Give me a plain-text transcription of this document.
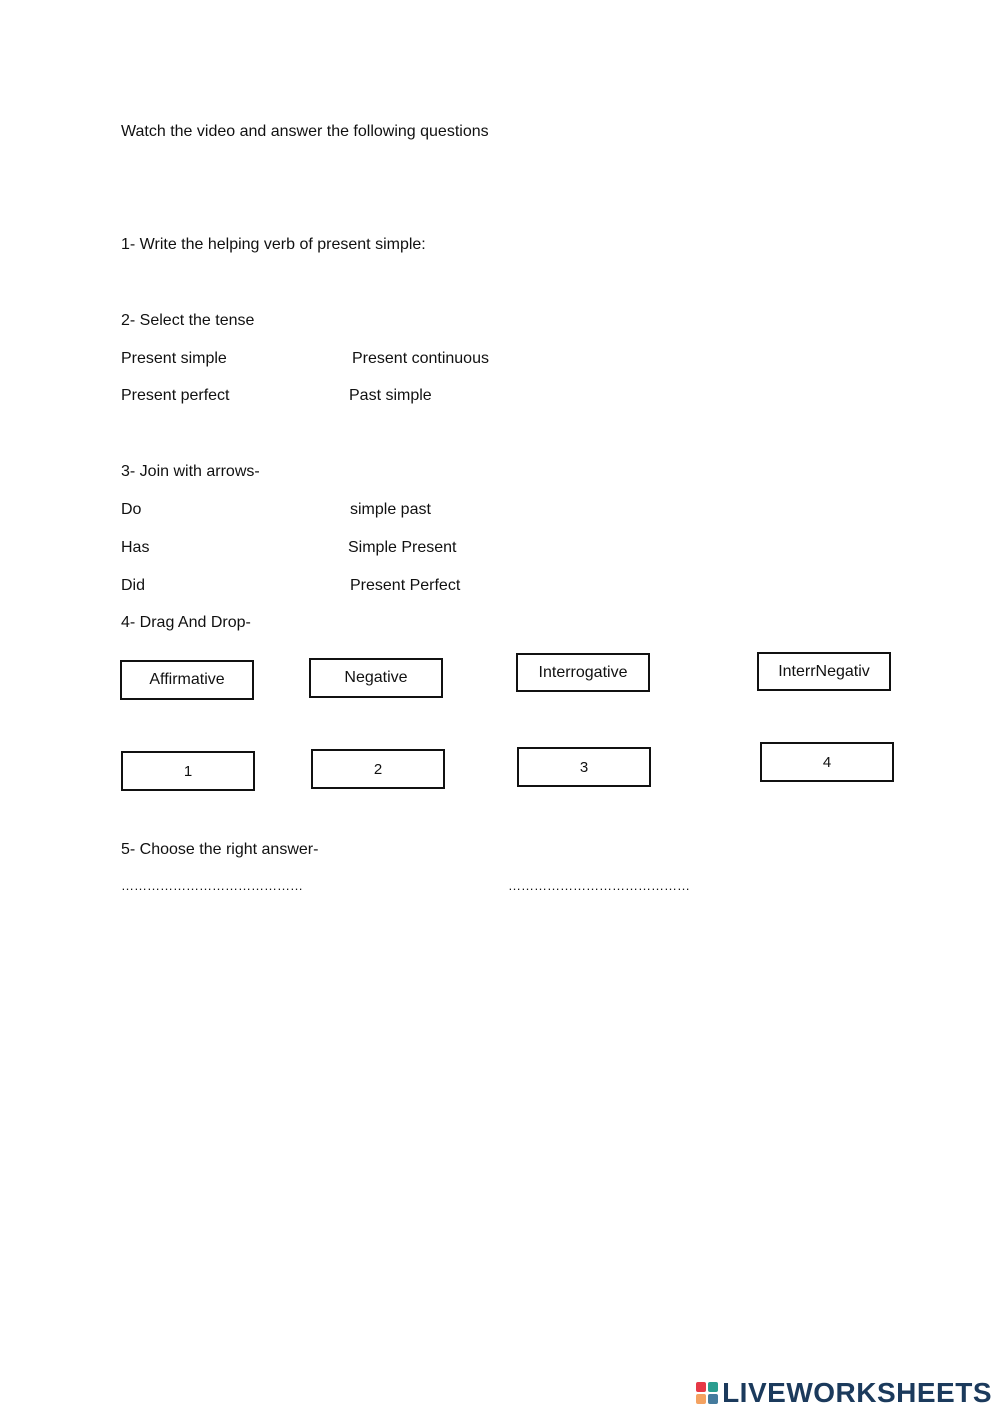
Watch the video and answer the following questions
1- Write the helping verb of present simple:
2- Select the tense
Present simple	Present continuous
Present perfect	Past simple
3- Join with arrows-
Do	simple past
Has	Simple Present
Did	Present Perfect
4- Drag And Drop-
Affirmative	Negative	Interrogative	InterrNegativ
1	2	3	4
5- Choose the right answer-
……………………………………	……………………………………
LIVEWORKSHEETS
